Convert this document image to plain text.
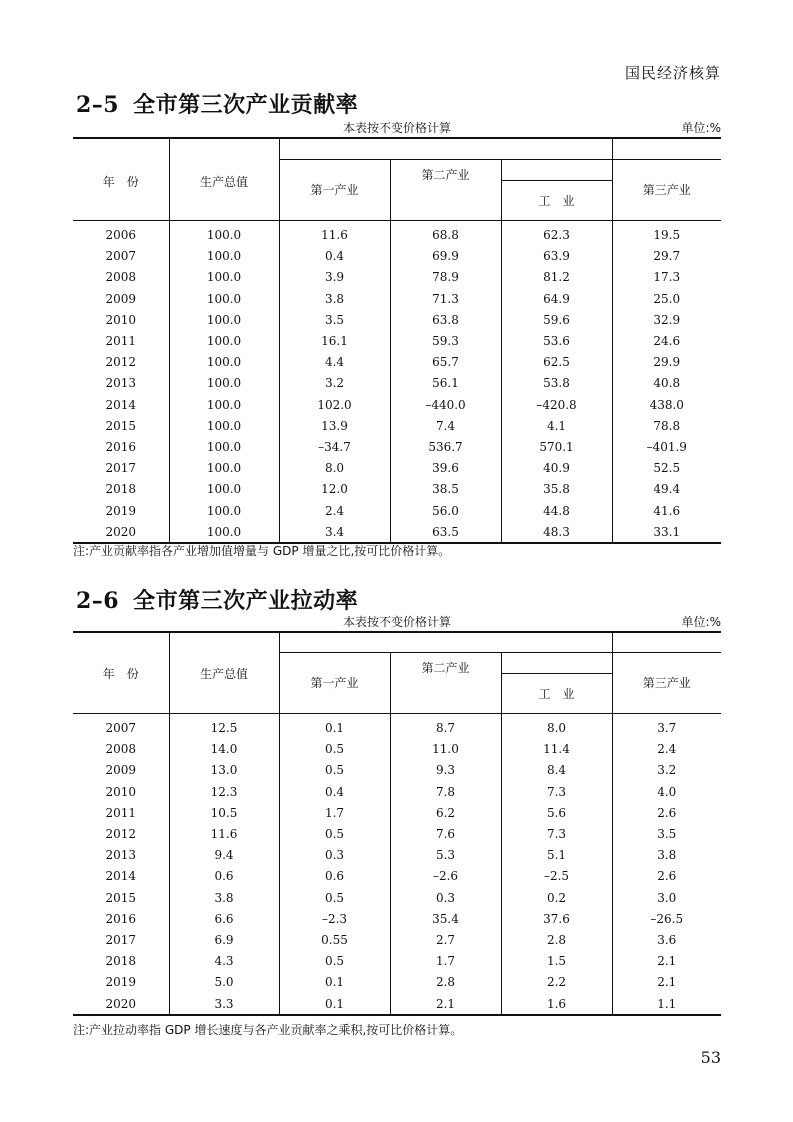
国民经济核算
2–5 全市第三次产业贡献率
本表按不变价格计算	单位:%
年　份	生产总值				
		第一产业	第二产业		第三产业
				工　业	
2006	100.0	11.6	68.8	62.3	19.5
2007	100.0	0.4	69.9	63.9	29.7
2008	100.0	3.9	78.9	81.2	17.3
2009	100.0	3.8	71.3	64.9	25.0
2010	100.0	3.5	63.8	59.6	32.9
2011	100.0	16.1	59.3	53.6	24.6
2012	100.0	4.4	65.7	62.5	29.9
2013	100.0	3.2	56.1	53.8	40.8
2014	100.0	102.0	–440.0	–420.8	438.0
2015	100.0	13.9	7.4	4.1	78.8
2016	100.0	–34.7	536.7	570.1	–401.9
2017	100.0	8.0	39.6	40.9	52.5
2018	100.0	12.0	38.5	35.8	49.4
2019	100.0	2.4	56.0	44.8	41.6
2020	100.0	3.4	63.5	48.3	33.1
注:产业贡献率指各产业增加值增量与 GDP 增量之比,按可比价格计算。
2–6 全市第三次产业拉动率
本表按不变价格计算	单位:%
年　份	生产总值				
		第一产业	第二产业		第三产业
				工　业	
2007	12.5	0.1	8.7	8.0	3.7
2008	14.0	0.5	11.0	11.4	2.4
2009	13.0	0.5	9.3	8.4	3.2
2010	12.3	0.4	7.8	7.3	4.0
2011	10.5	1.7	6.2	5.6	2.6
2012	11.6	0.5	7.6	7.3	3.5
2013	9.4	0.3	5.3	5.1	3.8
2014	0.6	0.6	–2.6	–2.5	2.6
2015	3.8	0.5	0.3	0.2	3.0
2016	6.6	–2.3	35.4	37.6	–26.5
2017	6.9	0.55	2.7	2.8	3.6
2018	4.3	0.5	1.7	1.5	2.1
2019	5.0	0.1	2.8	2.2	2.1
2020	3.3	0.1	2.1	1.6	1.1
注:产业拉动率指 GDP 增长速度与各产业贡献率之乘积,按可比价格计算。
53
